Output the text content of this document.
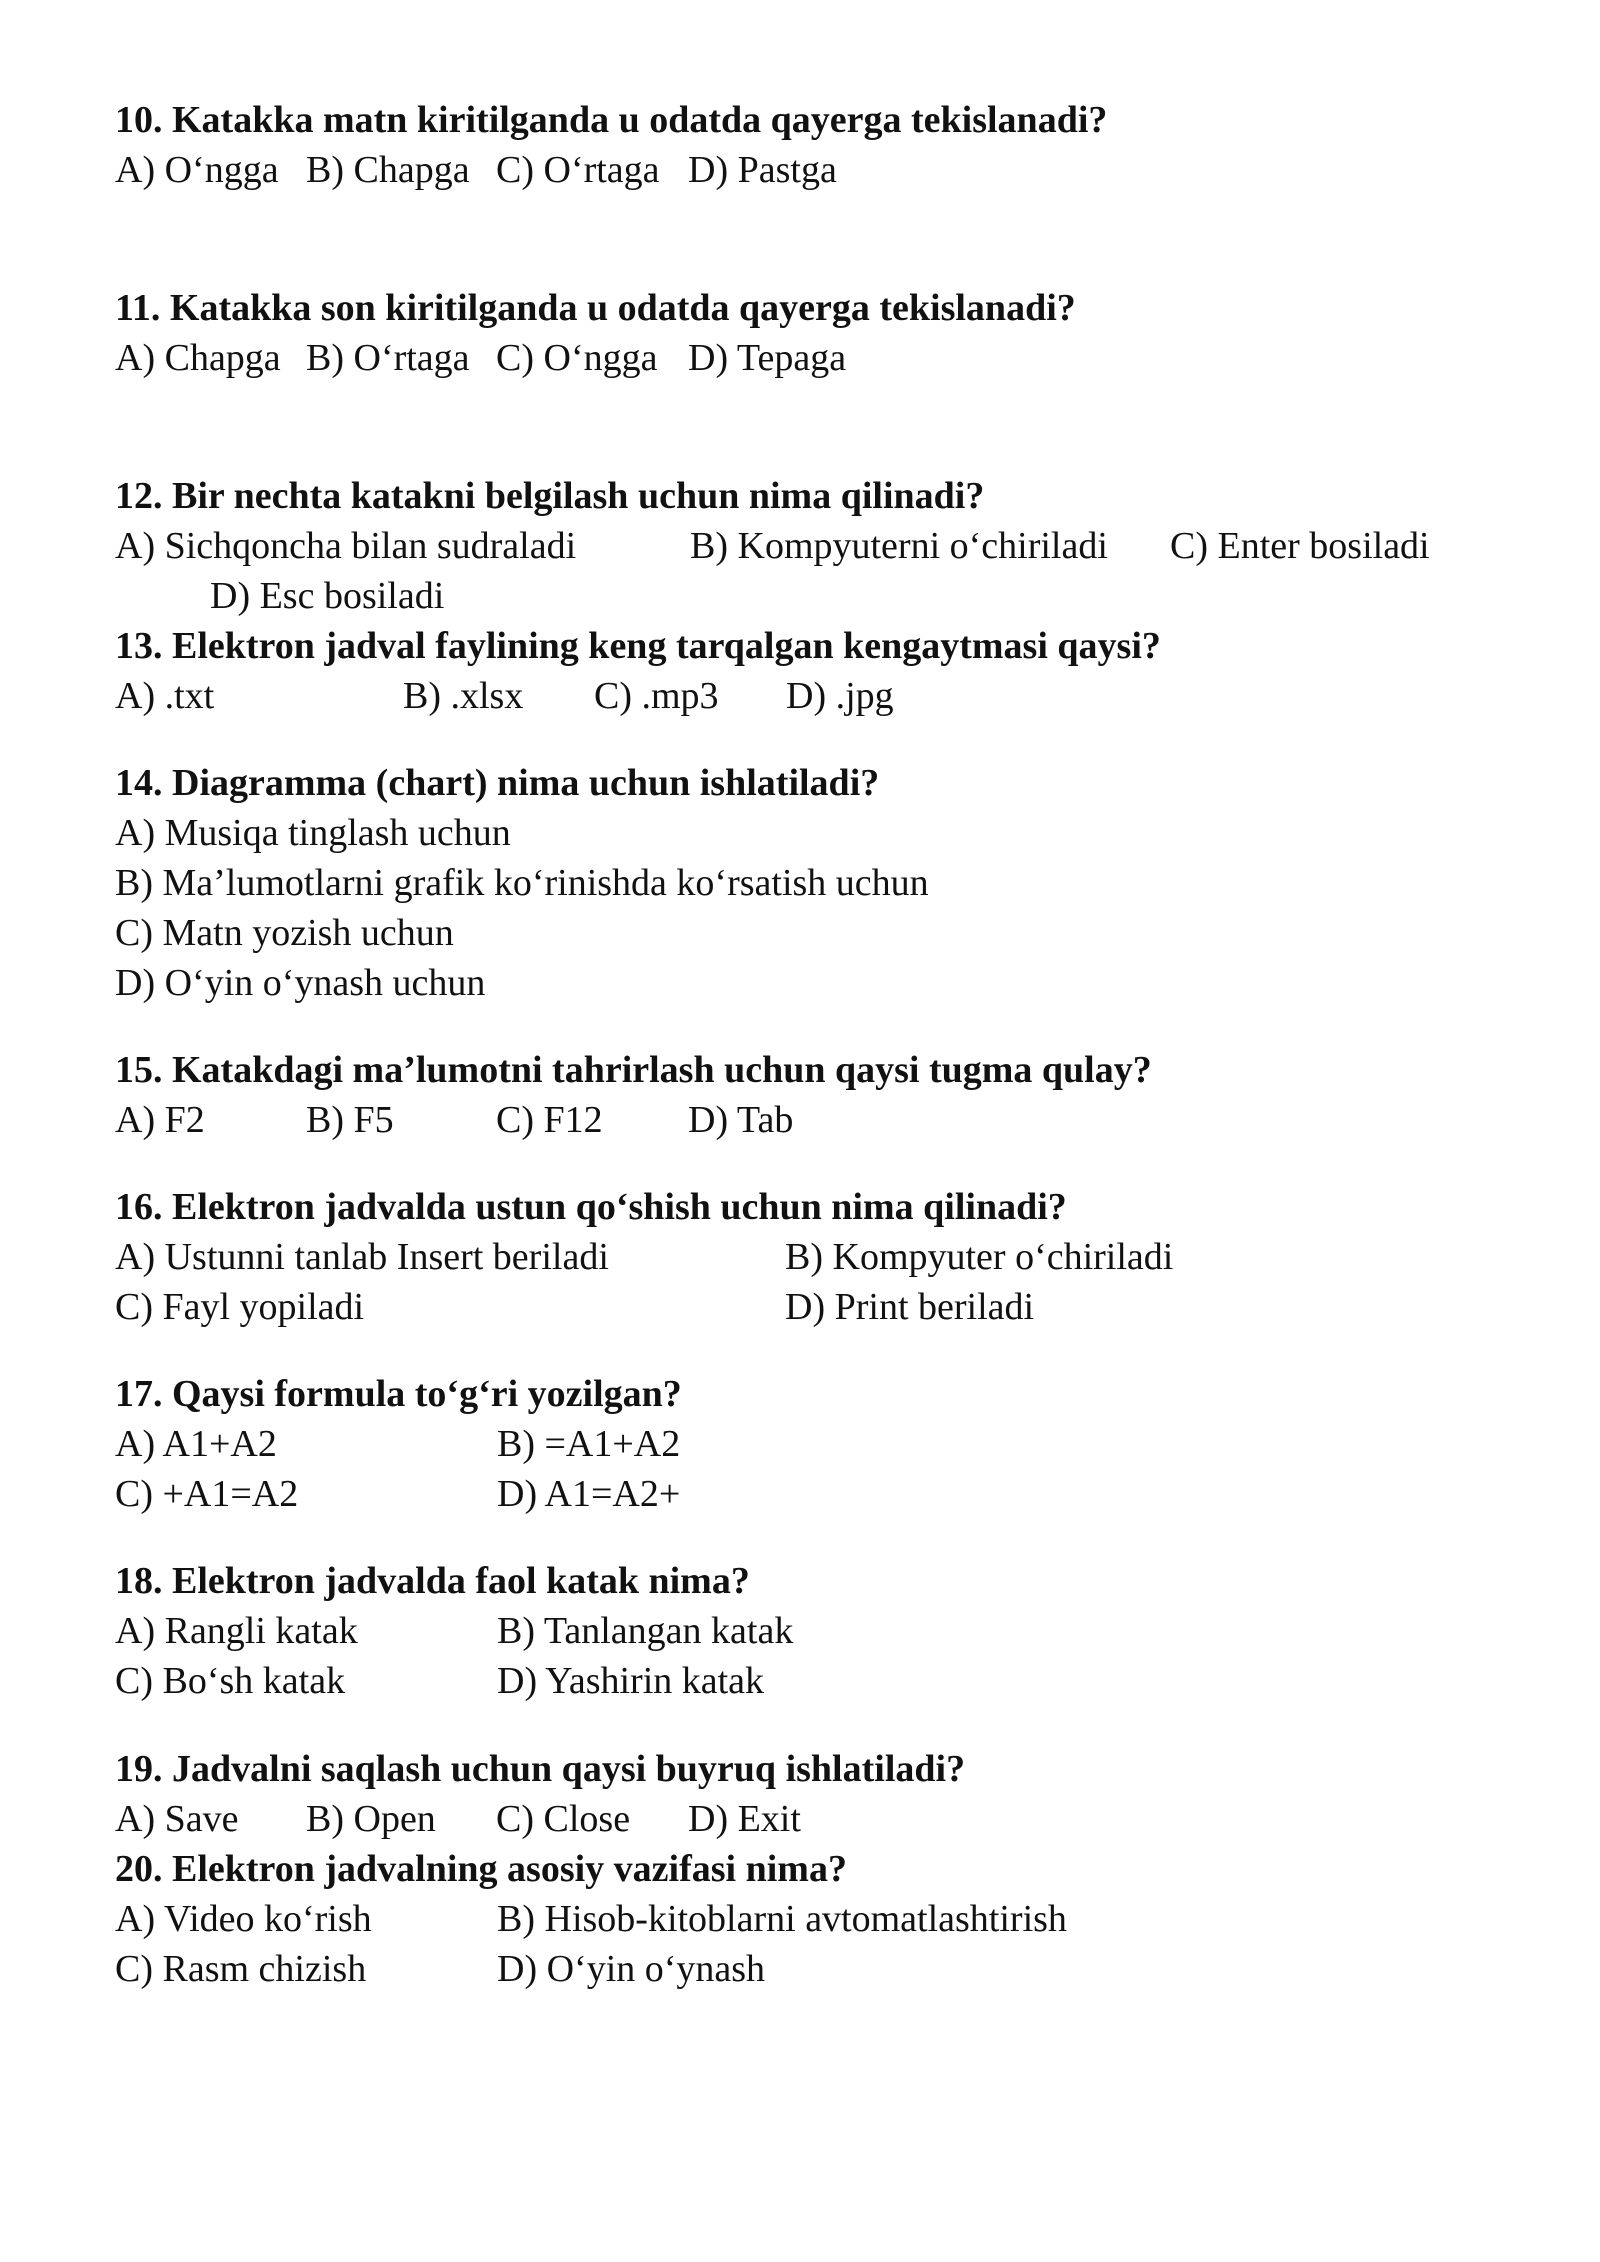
10. Katakka matn kiritilganda u odatda qayerga tekislanadi?
A) O‘ngga B) Chapga C) O‘rtaga D) Pastga
11. Katakka son kiritilganda u odatda qayerga tekislanadi?
A) Chapga B) O‘rtaga C) O‘ngga D) Tepaga
12. Bir nechta katakni belgilash uchun nima qilinadi?
A) Sichqoncha bilan sudraladi	B) Kompyuterni o‘chiriladi C) Enter bosiladi
D) Esc bosiladi
13. Elektron jadval faylining keng tarqalgan kengaytmasi qaysi?
A) .txt	B) .xlsx C) .mp3 D) .jpg
14. Diagramma (chart) nima uchun ishlatiladi?
A) Musiqa tinglash uchun
B) Ma’lumotlarni grafik ko‘rinishda ko‘rsatish uchun
C) Matn yozish uchun
D) O‘yin o‘ynash uchun
15. Katakdagi ma’lumotni tahrirlash uchun qaysi tugma qulay?
A) F2	B) F5	C) F12 D) Tab
16. Elektron jadvalda ustun qo‘shish uchun nima qilinadi?
A) Ustunni tanlab Insert beriladi	B) Kompyuter o‘chiriladi
C) Fayl yopiladi	D) Print beriladi
17. Qaysi formula to‘g‘ri yozilgan?
A) A1+A2	B) =A1+A2
C) +A1=A2	D) A1=A2+
18. Elektron jadvalda faol katak nima?
A) Rangli katak	B) Tanlangan katak
C) Bo‘sh katak	D) Yashirin katak
19. Jadvalni saqlash uchun qaysi buyruq ishlatiladi?
A) Save B) Open C) Close D) Exit
20. Elektron jadvalning asosiy vazifasi nima?
A) Video ko‘rish	B) Hisob-kitoblarni avtomatlashtirish
C) Rasm chizish	D) O‘yin o‘ynash
